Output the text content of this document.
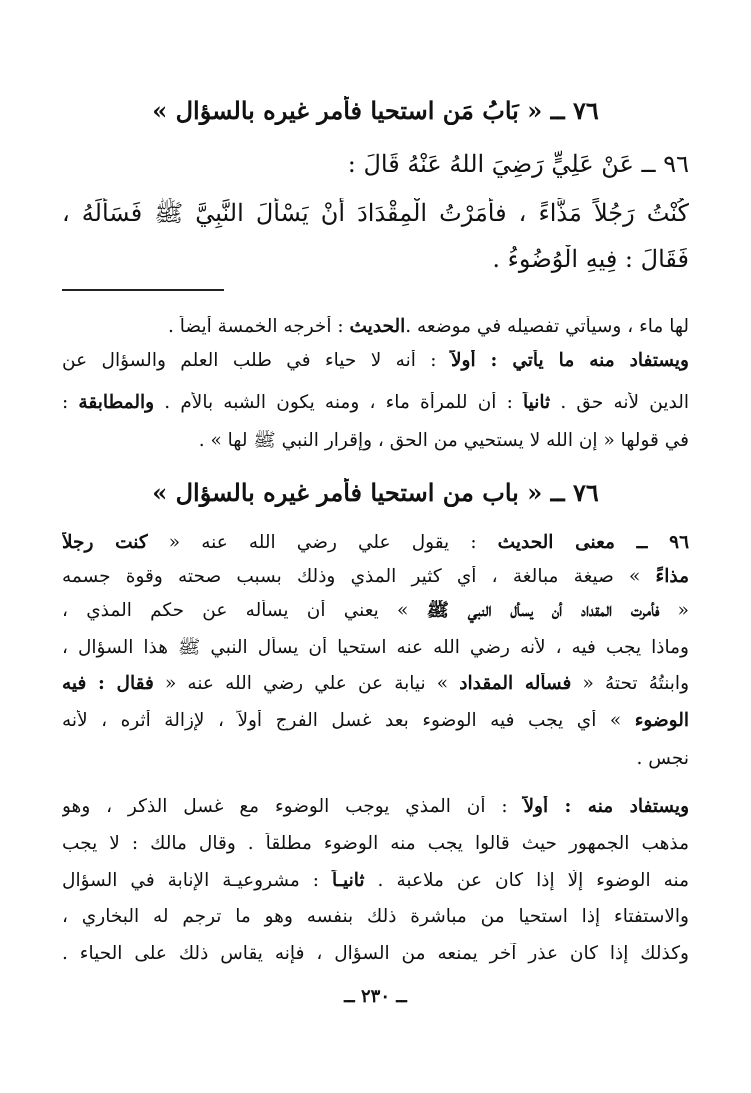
٧٦ ــ « بَابُ مَن استحيا فأمر غيره بالسؤال »
٩٦ ــ عَنْ عَلِيٍّ رَضِيَ اللهُ عَنْهُ قَالَ :
كُنْتُ رَجُلاً مَذَّاءً ، فأَمَرْتُ الْمِقْدَادَ أَنْ يَسْأَلَ النَّبِيَّ ﷺ فَسَأَلَهُ ،
فَقَالَ : فِيهِ الْوُضُوءُ .
لها ماء ، وسيأتي تفصيله في موضعه .الحديث : أخرجه الخمسة أيضاً .
ويستفاد منه ما يأتي : أولاً : أنه لا حياء في طلب العلم والسؤال عن
الدين لأنه حق . ثانياً : أن للمرأة ماء ، ومنه يكون الشبه بالأم . والمطابقة :
في قولها « إن الله لا يستحيي من الحق ، وإقرار النبي ﷺ لها » .
٧٦ ــ « باب من استحيا فأمر غيره بالسؤال »
٩٦ ــ معنى الحديث : يقول علي رضي الله عنه « كنت رجلاً
مذاءً » صيغة مبالغة ، أي كثير المذي وذلك بسبب صحته وقوة جسمه
« فأمرت المقداد أن يسأل النبي ﷺ » يعني أن يسأله عن حكم المذي ،
وماذا يجب فيه ، لأنه رضي الله عنه استحيا أن يسأل النبي ﷺ هذا السؤال ،
وابنتُهُ تحتهُ « فسأله المقداد » نيابة عن علي رضي الله عنه « فقال : فيه
الوضوء » أي يجب فيه الوضوء بعد غسل الفرج أولاً ، لإزالة أثره ، لأنه
نجس .
ويستفاد منه : أولاً : أن المذي يوجب الوضوء مع غسل الذكر ، وهو
مذهب الجمهور حيث قالوا يجب منه الوضوء مطلقاً . وقال مالك : لا يجب
منه الوضوء إلَّا إذا كان عن ملاعبة . ثانيـاً : مشروعيـة الإنابة في السؤال
والاستفتاء إذا استحيا من مباشرة ذلك بنفسه وهو ما ترجم له البخاري ،
وكذلك إذا كان عذر آخر يمنعه من السؤال ، فإنه يقاس ذلك على الحياء .
ــ ٢٣٠ ــ
